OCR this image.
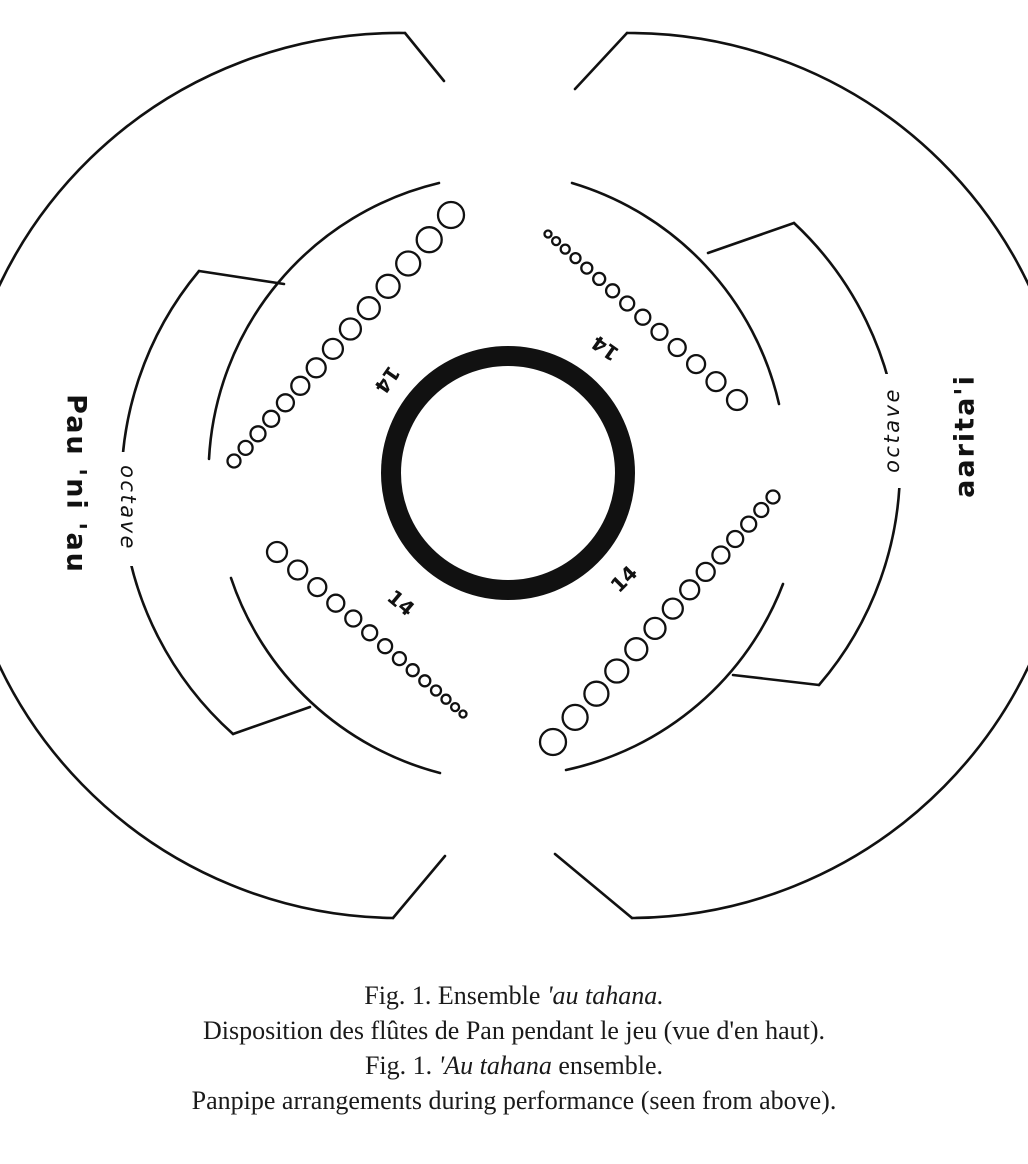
14
14
14
14
Pau 'ni 'au	aarita'i
octave
octave
Fig. 1. Ensemble 'au tahana.
Disposition des flûtes de Pan pendant le jeu (vue d'en haut).
Fig. 1. 'Au tahana ensemble.
Panpipe arrangements during performance (seen from above).
